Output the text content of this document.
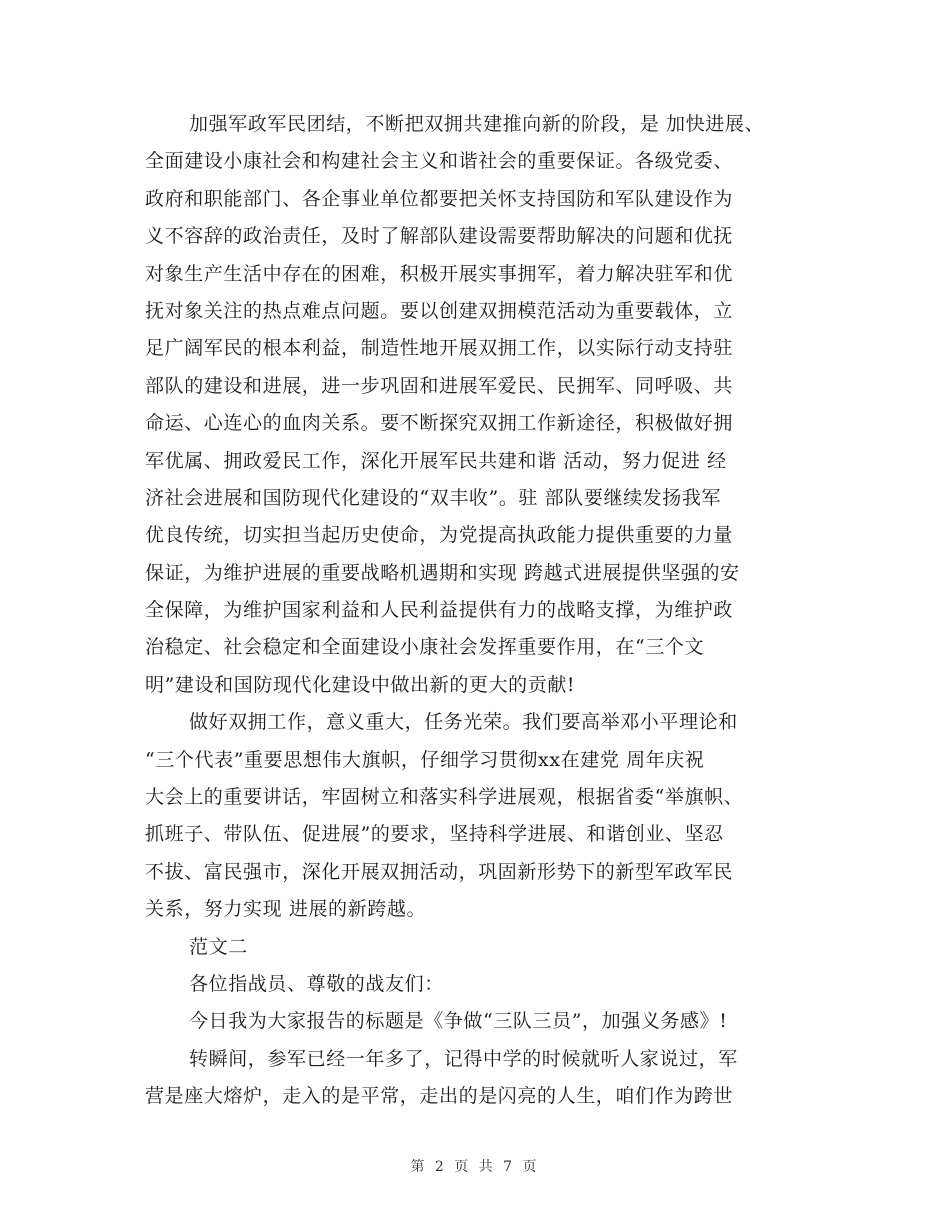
加强军政军民团结，不断把双拥共建推向新的阶段，是 加快进展、
全面建设小康社会和构建社会主义和谐社会的重要保证。各级党委、
政府和职能部门、各企事业单位都要把关怀支持国防和军队建设作为
义不容辞的政治责任，及时了解部队建设需要帮助解决的问题和优抚
对象生产生活中存在的困难，积极开展实事拥军，着力解决驻军和优
抚对象关注的热点难点问题。要以创建双拥模范活动为重要载体，立
足广阔军民的根本利益，制造性地开展双拥工作，以实际行动支持驻
部队的建设和进展，进一步巩固和进展军爱民、民拥军、同呼吸、共
命运、心连心的血肉关系。要不断探究双拥工作新途径，积极做好拥
军优属、拥政爱民工作，深化开展军民共建和谐 活动，努力促进 经
济社会进展和国防现代化建设的“双丰收”。驻 部队要继续发扬我军
优良传统，切实担当起历史使命，为党提高执政能力提供重要的力量
保证，为维护进展的重要战略机遇期和实现 跨越式进展提供坚强的安
全保障，为维护国家利益和人民利益提供有力的战略支撑，为维护政
治稳定、社会稳定和全面建设小康社会发挥重要作用，在“三个文
明”建设和国防现代化建设中做出新的更大的贡献!
做好双拥工作，意义重大，任务光荣。我们要高举邓小平理论和
“三个代表”重要思想伟大旗帜，仔细学习贯彻xx在建党 周年庆祝
大会上的重要讲话，牢固树立和落实科学进展观，根据省委“举旗帜、
抓班子、带队伍、促进展”的要求，坚持科学进展、和谐创业、坚忍
不拔、富民强市，深化开展双拥活动，巩固新形势下的新型军政军民
关系，努力实现 进展的新跨越。
范文二
各位指战员、尊敬的战友们：
今日我为大家报告的标题是《争做“三队三员”，加强义务感》!
转瞬间，参军已经一年多了，记得中学的时候就听人家说过，军
营是座大熔炉，走入的是平常，走出的是闪亮的人生，咱们作为跨世
第 2 页 共 7 页
